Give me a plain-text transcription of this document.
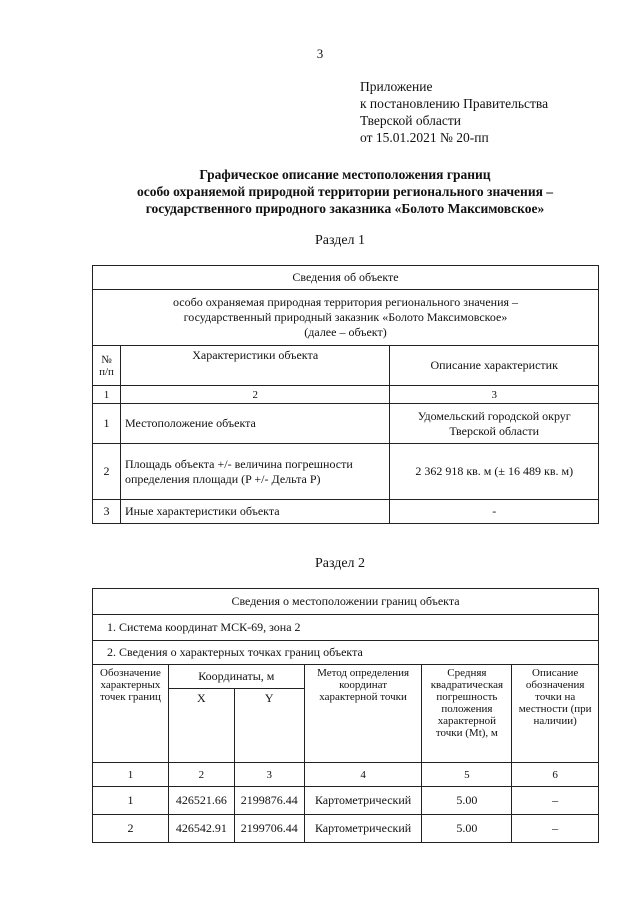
3
Приложение
к постановлению Правительства
Тверской области
от 15.01.2021 № 20-пп
Графическое описание местоположения границ
особо охраняемой природной территории регионального значения –
государственного природного заказника «Болото Максимовское»
Раздел 1
Сведения об объекте		

особо охраняемая природная территория регионального значения –
государственный природный заказник «Болото Максимовское»
(далее – объект)		

№ п/п	Характеристики объекта	Описание характеристик
1	2	3
1	Местоположение объекта	Удомельский городской округ Тверской области
2	Площадь объекта +/- величина погрешности определения площади (P +/- Дельта P)	2 362 918 кв. м (± 16 489 кв. м)
3	Иные характеристики объекта	-
Раздел 2
Сведения о местоположении границ объекта					
1. Система координат МСК-69, зона 2					
2. Сведения о характерных точках границ объекта					
Обозначение характерных точек границ	Координаты, м		Метод определения координат характерной точки	Средняя квадратическая погрешность положения характерной точки (Mt), м	Описание обозначения точки на местности (при наличии)
	X	Y			
1	2	3	4	5	6
1	426521.66	2199876.44	Картометрический	5.00	–
2	426542.91	2199706.44	Картометрический	5.00	–
